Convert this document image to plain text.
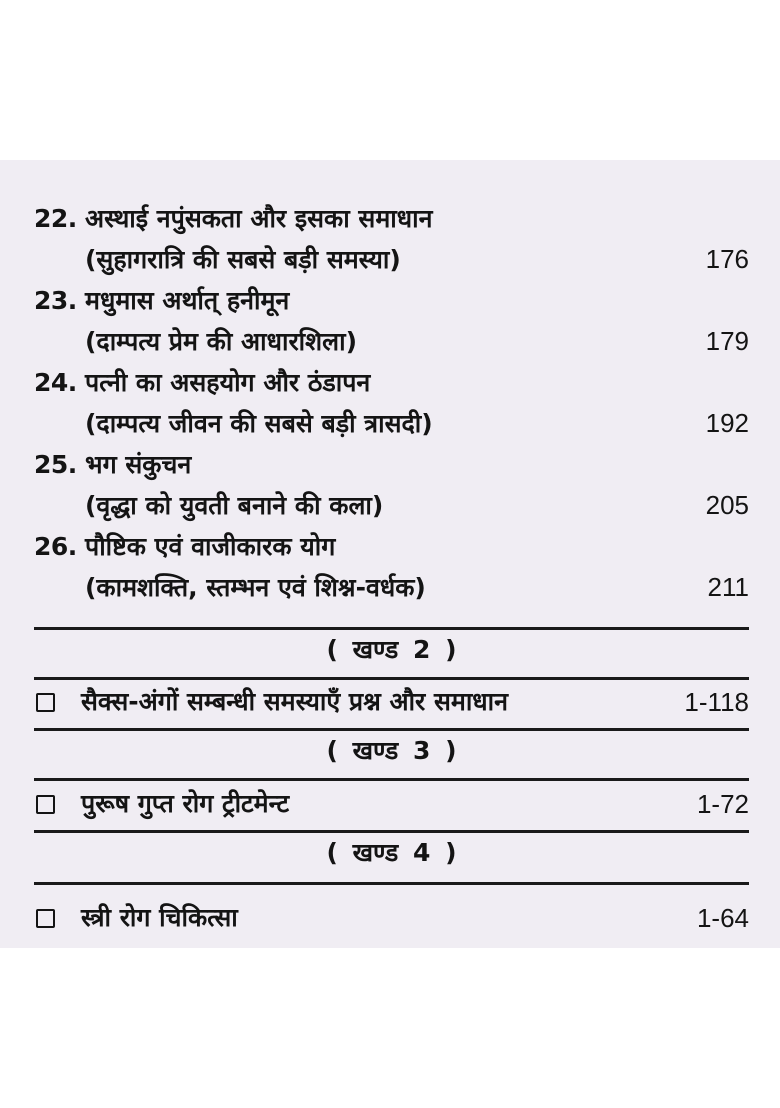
22. अस्थाई नपुंसकता और इसका समाधान
(सुहागरात्रि की सबसे बड़ी समस्या)	176
23. मधुमास अर्थात् हनीमून
(दाम्पत्य प्रेम की आधारशिला)	179
24. पत्नी का असहयोग और ठंडापन
(दाम्पत्य जीवन की सबसे बड़ी त्रासदी)	192
25. भग संकुचन
(वृद्धा को युवती बनाने की कला)	205
26. पौष्टिक एवं वाजीकारक योग
(कामशक्ति, स्तम्भन एवं शिश्न-वर्धक)	211
( खण्ड 2 )
सैक्स-अंगों सम्बन्धी समस्याएँ प्रश्न और समाधान	1-118
( खण्ड 3 )
पुरूष गुप्त रोग ट्रीटमेन्ट	1-72
( खण्ड 4 )
स्त्री रोग चिकित्सा	1-64
